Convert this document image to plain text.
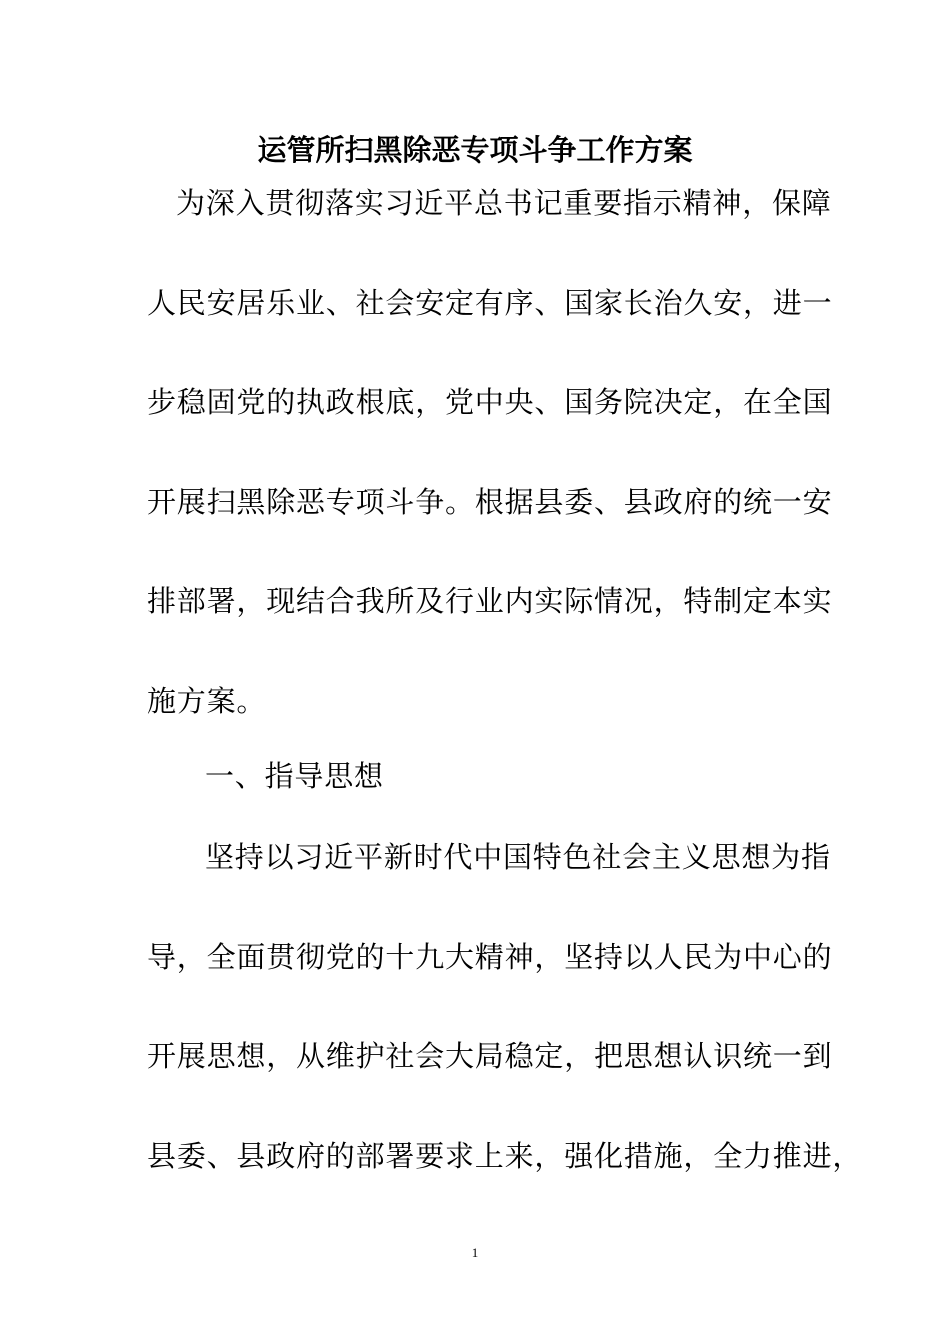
运管所扫黑除恶专项斗争工作方案
为深入贯彻落实习近平总书记重要指示精神，保障
人民安居乐业、社会安定有序、国家长治久安，进一
步稳固党的执政根底，党中央、国务院决定，在全国
开展扫黑除恶专项斗争。根据县委、县政府的统一安
排部署，现结合我所及行业内实际情况，特制定本实
施方案。
一、指导思想
坚持以习近平新时代中国特色社会主义思想为指
导，全面贯彻党的十九大精神，坚持以人民为中心的
开展思想，从维护社会大局稳定，把思想认识统一到
县委、县政府的部署要求上来，强化措施，全力推进，
1
